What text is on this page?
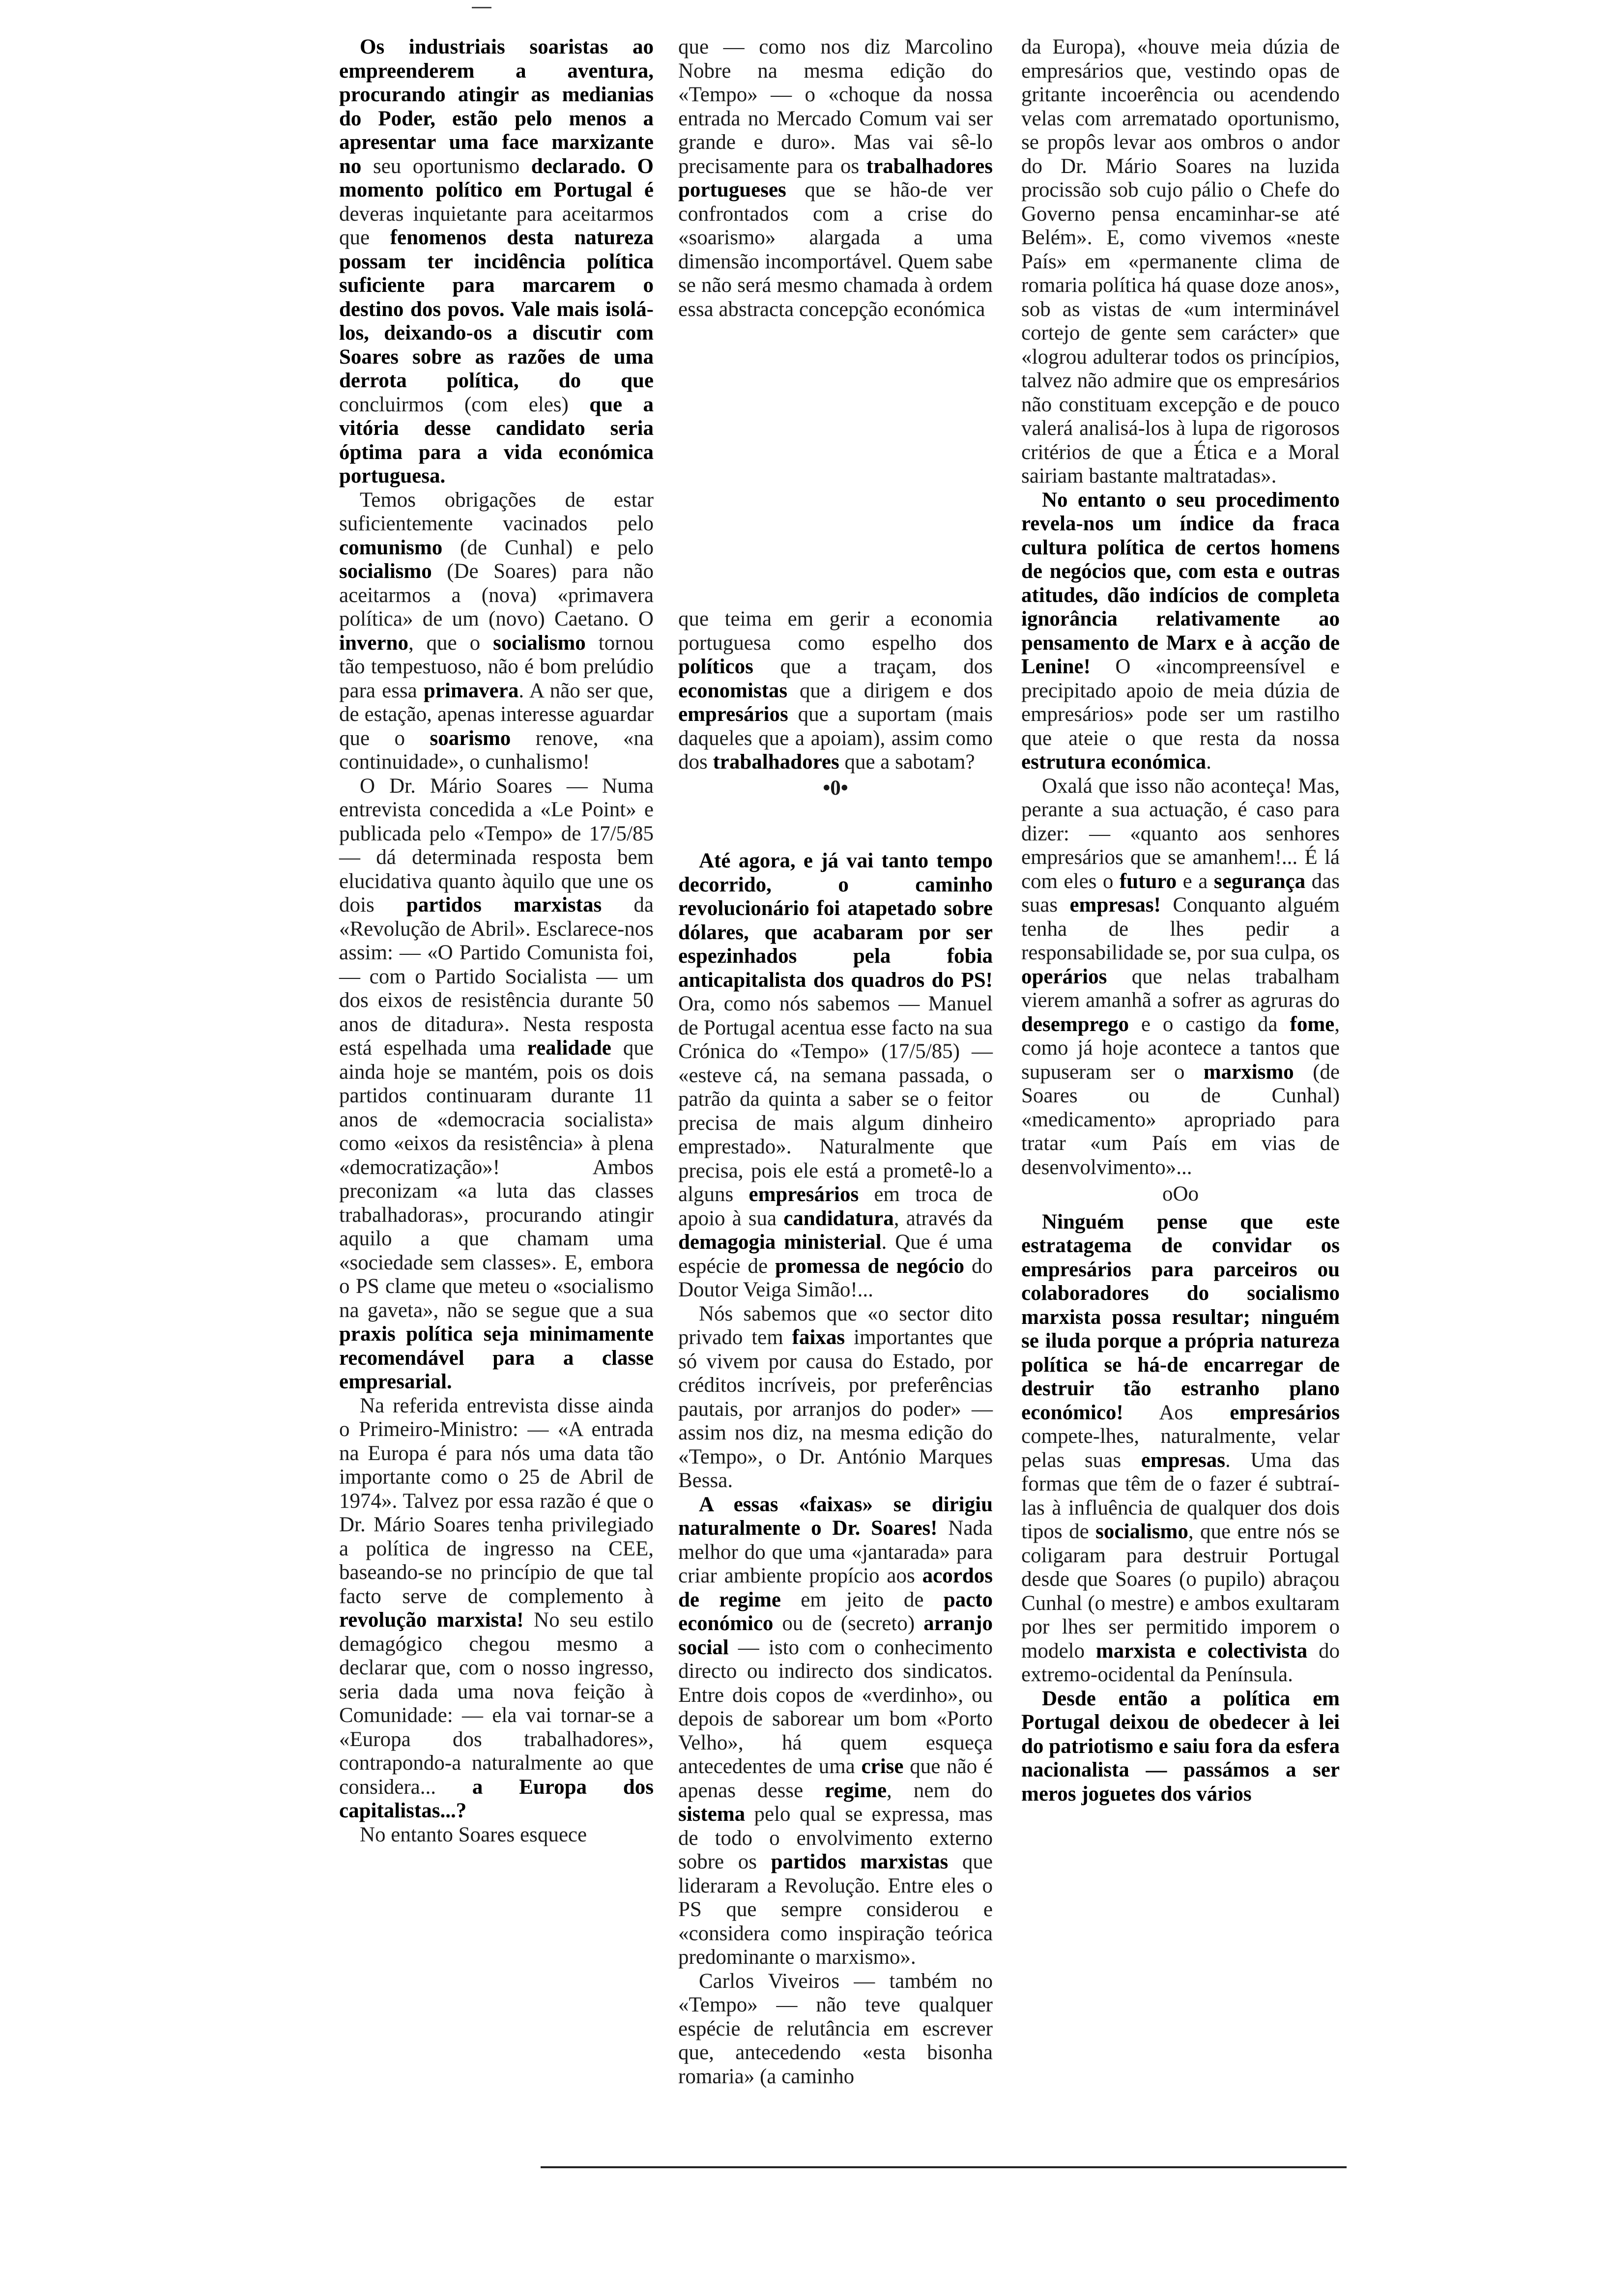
Os industriais soaristas ao empreenderem a aventura, procurando atingir as medianias do Poder, estão pelo menos a apresentar uma face marxizante no seu oportunismo declarado. O momento político em Portugal é deveras inquietante para aceitarmos que fenomenos desta natureza possam ter incidência política suficiente para marcarem o destino dos povos. Vale mais isolá-los, deixando-os a discutir com Soares sobre as razões de uma derrota política, do que concluirmos (com eles) que a vitória desse candidato seria óptima para a vida económica portuguesa.

Temos obrigações de estar suficientemente vacinados pelo comunismo (de Cunhal) e pelo socialismo (De Soares) para não aceitarmos a (nova) «primavera política» de um (novo) Caetano. O inverno, que o socialismo tornou tão tempestuoso, não é bom prelúdio para essa primavera. A não ser que, de estação, apenas interesse aguardar que o soarismo renove, «na continuidade», o cunhalismo!

O Dr. Mário Soares — Numa entrevista concedida a «Le Point» e publicada pelo «Tempo» de 17/5/85 — dá determinada resposta bem elucidativa quanto àquilo que une os dois partidos marxistas da «Revolução de Abril». Esclarece-nos assim: — «O Partido Comunista foi, — com o Partido Socialista — um dos eixos de resistência durante 50 anos de ditadura». Nesta resposta está espelhada uma realidade que ainda hoje se mantém, pois os dois partidos continuaram durante 11 anos de «democracia socialista» como «eixos da resistência» à plena «democratização»! Ambos preconizam «a luta das classes trabalhadoras», procurando atingir aquilo a que chamam uma «sociedade sem classes». E, embora o PS clame que meteu o «socialismo na gaveta», não se segue que a sua praxis política seja minimamente recomendável para a classe empresarial.

Na referida entrevista disse ainda o Primeiro-Ministro: — «A entrada na Europa é para nós uma data tão importante como o 25 de Abril de 1974». Talvez por essa razão é que o Dr. Mário Soares tenha privilegiado a política de ingresso na CEE, baseando-se no princípio de que tal facto serve de complemento à revolução marxista! No seu estilo demagógico chegou mesmo a declarar que, com o nosso ingresso, seria dada uma nova feição à Comunidade: — ela vai tornar-se a «Europa dos trabalhadores», contrapondo-a naturalmente ao que considera... a Europa dos capitalistas...?

No entanto Soares esquece

que — como nos diz Marcolino Nobre na mesma edição do «Tempo» — o «choque da nossa entrada no Mercado Comum vai ser grande e duro». Mas vai sê-lo precisamente para os trabalhadores portugueses que se hão-de ver confrontados com a crise do «soarismo» alargada a uma dimensão incomportável. Quem sabe se não será mesmo chamada à ordem essa abstracta concepção económica

que teima em gerir a economia portuguesa como espelho dos políticos que a traçam, dos economistas que a dirigem e dos empresários que a suportam (mais daqueles que a apoiam), assim como dos trabalhadores que a sabotam?

•0•

Até agora, e já vai tanto tempo decorrido, o caminho revolucionário foi atapetado sobre dólares, que acabaram por ser espezinhados pela fobia anticapitalista dos quadros do PS! Ora, como nós sabemos — Manuel de Portugal acentua esse facto na sua Crónica do «Tempo» (17/5/85) — «esteve cá, na semana passada, o patrão da quinta a saber se o feitor precisa de mais algum dinheiro emprestado». Naturalmente que precisa, pois ele está a prometê-lo a alguns empresários em troca de apoio à sua candidatura, através da demagogia ministerial. Que é uma espécie de promessa de negócio do Doutor Veiga Simão!...

Nós sabemos que «o sector dito privado tem faixas importantes que só vivem por causa do Estado, por créditos incríveis, por preferências pautais, por arranjos do poder» — assim nos diz, na mesma edição do «Tempo», o Dr. António Marques Bessa.

A essas «faixas» se dirigiu naturalmente o Dr. Soares! Nada melhor do que uma «jantarada» para criar ambiente propício aos acordos de regime em jeito de pacto económico ou de (secreto) arranjo social — isto com o conhecimento directo ou indirecto dos sindicatos. Entre dois copos de «verdinho», ou depois de saborear um bom «Porto Velho», há quem esqueça antecedentes de uma crise que não é apenas desse regime, nem do sistema pelo qual se expressa, mas de todo o envolvimento externo sobre os partidos marxistas que lideraram a Revolução. Entre eles o PS que sempre considerou e «considera como inspiração teórica predominante o marxismo».

Carlos Viveiros — também no «Tempo» — não teve qualquer espécie de relutância em escrever que, antecedendo «esta bisonha romaria» (a caminho

da Europa), «houve meia dúzia de empresários que, vestindo opas de gritante incoerência ou acendendo velas com arrematado oportunismo, se propôs levar aos ombros o andor do Dr. Mário Soares na luzida procissão sob cujo pálio o Chefe do Governo pensa encaminhar-se até Belém». E, como vivemos «neste País» em «permanente clima de romaria política há quase doze anos», sob as vistas de «um interminável cortejo de gente sem carácter» que «logrou adulterar todos os princípios, talvez não admire que os empresários não constituam excepção e de pouco valerá analisá-los à lupa de rigorosos critérios de que a Ética e a Moral sairiam bastante maltratadas».

No entanto o seu procedimento revela-nos um índice da fraca cultura política de certos homens de negócios que, com esta e outras atitudes, dão indícios de completa ignorância relativamente ao pensamento de Marx e à acção de Lenine! O «incompreensível e precipitado apoio de meia dúzia de empresários» pode ser um rastilho que ateie o que resta da nossa estrutura económica.

Oxalá que isso não aconteça! Mas, perante a sua actuação, é caso para dizer: — «quanto aos senhores empresários que se amanhem!... É lá com eles o futuro e a segurança das suas empresas! Conquanto alguém tenha de lhes pedir a responsabilidade se, por sua culpa, os operários que nelas trabalham vierem amanhã a sofrer as agruras do desemprego e o castigo da fome, como já hoje acontece a tantos que supuseram ser o marxismo (de Soares ou de Cunhal) «medicamento» apropriado para tratar «um País em vias de desenvolvimento»...

oOo

Ninguém pense que este estratagema de convidar os empresários para parceiros ou colaboradores do socialismo marxista possa resultar; ninguém se iluda porque a própria natureza política se há-de encarregar de destruir tão estranho plano económico! Aos empresários compete-lhes, naturalmente, velar pelas suas empresas. Uma das formas que têm de o fazer é subtraí-las à influência de qualquer dos dois tipos de socialismo, que entre nós se coligaram para destruir Portugal desde que Soares (o pupilo) abraçou Cunhal (o mestre) e ambos exultaram por lhes ser permitido imporem o modelo marxista e colectivista do extremo-ocidental da Península.

Desde então a política em Portugal deixou de obedecer à lei do patriotismo e saiu fora da esfera nacionalista — passámos a ser meros joguetes dos vários
